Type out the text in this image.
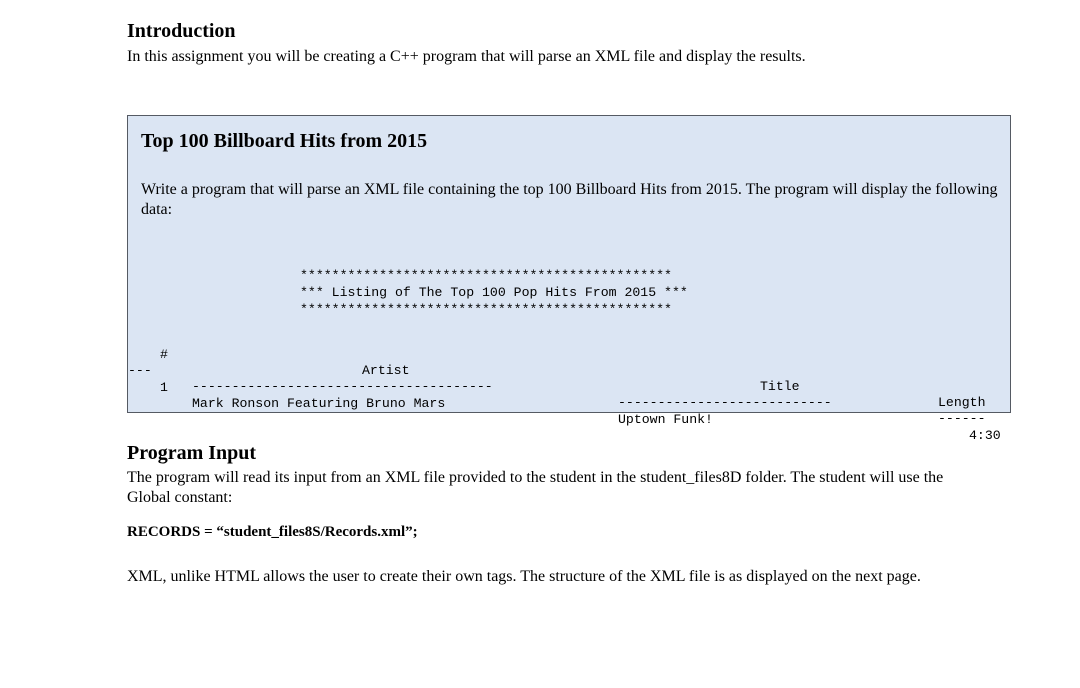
Introduction
In this assignment you will be creating a C++ program that will parse an XML file and display the results.
Top 100 Billboard Hits from 2015
Write a program that will parse an XML file containing the top 100 Billboard Hits from 2015. The program will display the following data:

***********************************************

*** Listing of The Top 100 Pop Hits From 2015 ***

***********************************************

#

Artist

Title

Length

---

--------------------------------------

---------------------------

------

1

Mark Ronson Featuring Bruno Mars

Uptown Funk!

4:30

Program Input
The program will read its input from an XML file provided to the student in the student_files8D folder. The student will use the Global constant:
RECORDS = “student_files8S/Records.xml”;
XML, unlike HTML allows the user to create their own tags. The structure of the XML file is as displayed on the next page.
